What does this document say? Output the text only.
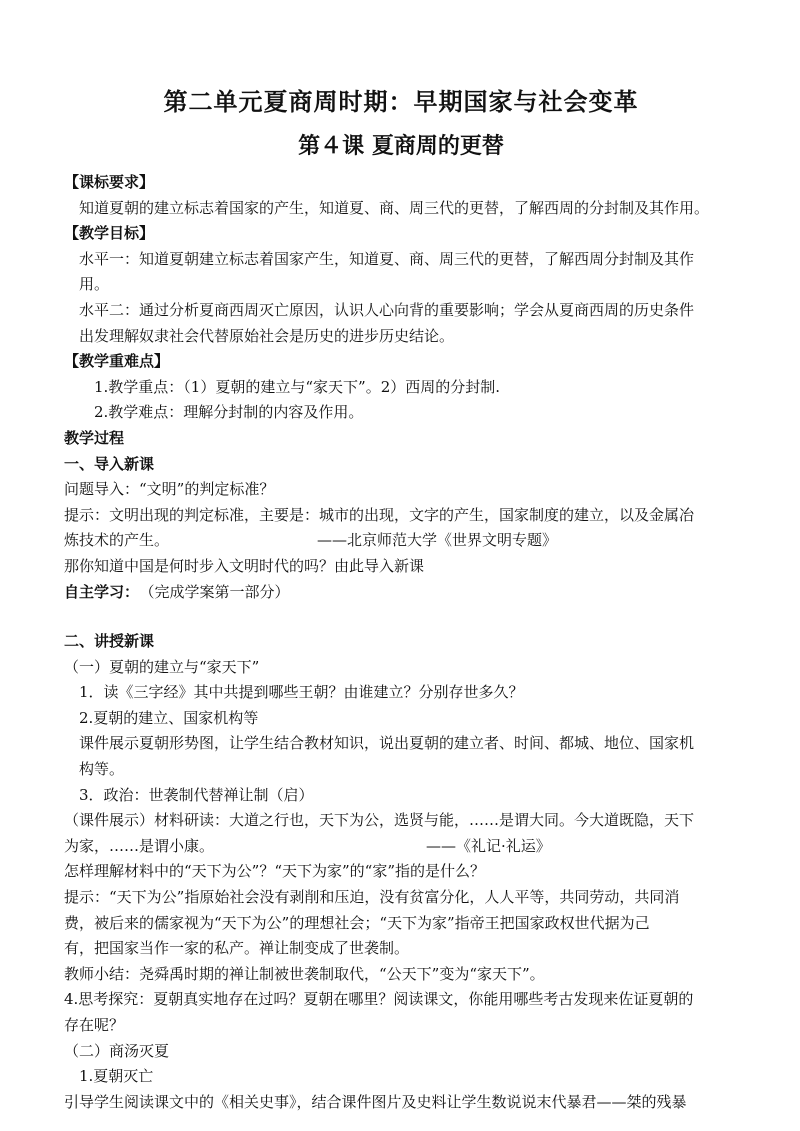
第二单元夏商周时期：早期国家与社会变革
第４课 夏商周的更替
【课标要求】
知道夏朝的建立标志着国家的产生，知道夏、商、周三代的更替，了解西周的分封制及其作用。
【教学目标】
水平一：知道夏朝建立标志着国家产生，知道夏、商、周三代的更替，了解西周分封制及其作
用。
水平二：通过分析夏商西周灭亡原因，认识人心向背的重要影响；学会从夏商西周的历史条件
出发理解奴隶社会代替原始社会是历史的进步历史结论。
【教学重难点】
1.教学重点：（1）夏朝的建立与“家天下”。2）西周的分封制.
2.教学难点：理解分封制的内容及作用。
教学过程
一、导入新课
问题导入：“文明”的判定标准？
提示：文明出现的判定标准，主要是：城市的出现，文字的产生，国家制度的建立，以及金属冶
炼技术的产生。	——北京师范大学《世界文明专题》
那你知道中国是何时步入文明时代的吗？由此导入新课
自主学习： （完成学案第一部分）
二、讲授新课
（一）夏朝的建立与“家天下”
1．读《三字经》其中共提到哪些王朝？由谁建立？分别存世多久？
2.夏朝的建立、国家机构等
课件展示夏朝形势图，让学生结合教材知识，说出夏朝的建立者、时间、都城、地位、国家机
构等。
3．政治：世袭制代替禅让制（启）
（课件展示）材料研读：大道之行也，天下为公，选贤与能，……是谓大同。今大道既隐，天下
为家，……是谓小康。	——《礼记·礼运》
怎样理解材料中的“天下为公”？“天下为家”的“家”指的是什么？
提示：“天下为公”指原始社会没有剥削和压迫，没有贫富分化，人人平等，共同劳动，共同消
费，被后来的儒家视为“天下为公”的理想社会；“天下为家”指帝王把国家政权世代据为己
有，把国家当作一家的私产。禅让制变成了世袭制。
教师小结：尧舜禹时期的禅让制被世袭制取代，“公天下”变为“家天下”。
4.思考探究：夏朝真实地存在过吗？夏朝在哪里？阅读课文，你能用哪些考古发现来佐证夏朝的
存在呢？
（二）商汤灭夏
1.夏朝灭亡
引导学生阅读课文中的《相关史事》，结合课件图片及史料让学生数说说末代暴君——桀的残暴
